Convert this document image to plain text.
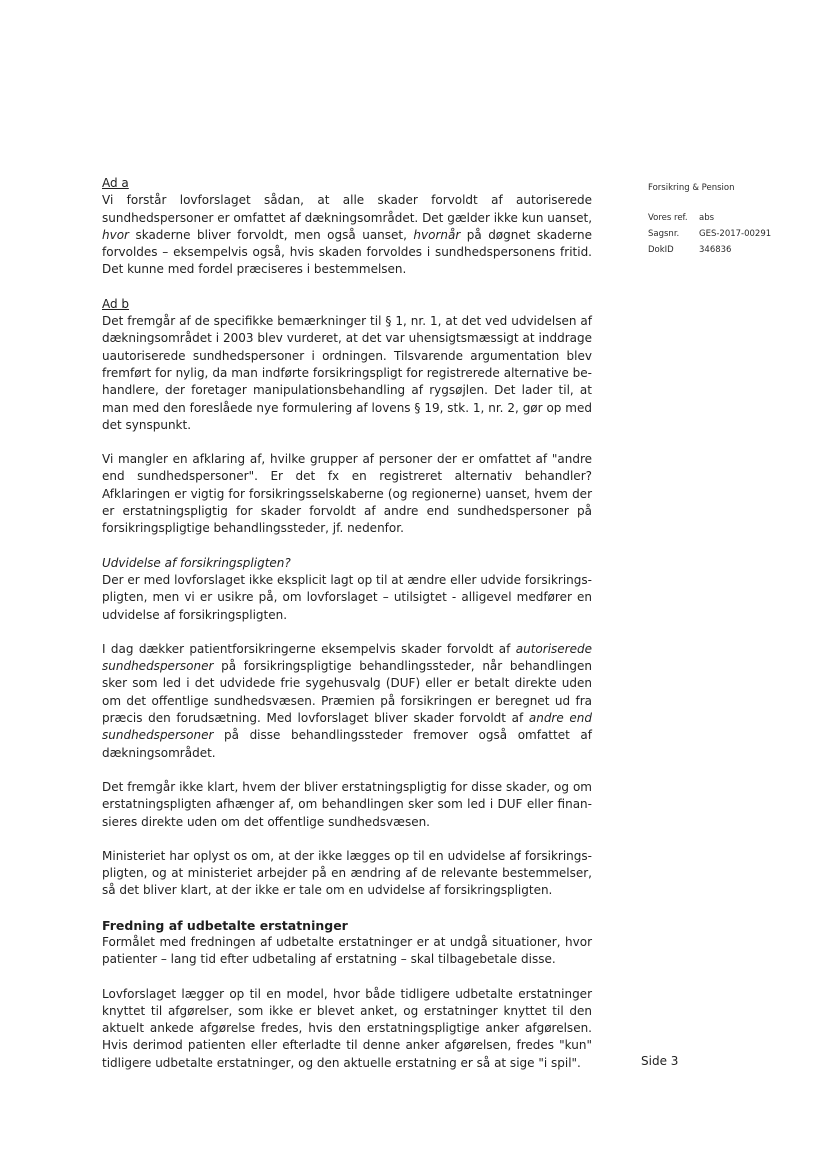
Ad a

Vi forstår lovforslaget sådan, at alle skader forvoldt af autoriserede sundhedspersoner er omfattet af dækningsområdet. Det gælder ikke kun uanset, hvor skaderne bliver forvoldt, men også uanset, hvornår på døgnet skaderne forvoldes – eksempelvis også, hvis skaden forvoldes i sundhedspersonens fritid. Det kunne med fordel præciseres i bestemmelsen.

Ad b

Det fremgår af de specifikke bemærkninger til § 1, nr. 1, at det ved udvidelsen af dækningsområdet i 2003 blev vurderet, at det var uhensigtsmæssigt at inddrage uautoriserede sundhedspersoner i ordningen. Tilsvarende argumentation blev fremført for nylig, da man indførte forsikringspligt for registrerede alternative behandlere, der foretager manipulationsbehandling af rygsøjlen. Det lader til, at man med den foreslåede nye formulering af lovens § 19, stk. 1, nr. 2, gør op med det synspunkt.

Vi mangler en afklaring af, hvilke grupper af personer der er omfattet af "andre end sundhedspersoner". Er det fx en registreret alternativ behandler? Afklaringen er vigtig for forsikringsselskaberne (og regionerne) uanset, hvem der er erstatningspligtig for skader forvoldt af andre end sundhedspersoner på forsikringspligtige behandlingssteder, jf. nedenfor.

Udvidelse af forsikringspligten?

Der er med lovforslaget ikke eksplicit lagt op til at ændre eller udvide forsikringspligten, men vi er usikre på, om lovforslaget – utilsigtet - alligevel medfører en udvidelse af forsikringspligten.

I dag dækker patientforsikringerne eksempelvis skader forvoldt af autoriserede sundhedspersoner på forsikringspligtige behandlingssteder, når behandlingen sker som led i det udvidede frie sygehusvalg (DUF) eller er betalt direkte uden om det offentlige sundhedsvæsen. Præmien på forsikringen er beregnet ud fra præcis den forudsætning. Med lovforslaget bliver skader forvoldt af andre end sundhedspersoner på disse behandlingssteder fremover også omfattet af dækningsområdet.

Det fremgår ikke klart, hvem der bliver erstatningspligtig for disse skader, og om erstatningspligten afhænger af, om behandlingen sker som led i DUF eller finansieres direkte uden om det offentlige sundhedsvæsen.

Ministeriet har oplyst os om, at der ikke lægges op til en udvidelse af forsikringspligten, og at ministeriet arbejder på en ændring af de relevante bestemmelser, så det bliver klart, at der ikke er tale om en udvidelse af forsikringspligten.

Fredning af udbetalte erstatninger

Formålet med fredningen af udbetalte erstatninger er at undgå situationer, hvor patienter – lang tid efter udbetaling af erstatning – skal tilbagebetale disse.

Lovforslaget lægger op til en model, hvor både tidligere udbetalte erstatninger knyttet til afgørelser, som ikke er blevet anket, og erstatninger knyttet til den aktuelt ankede afgørelse fredes, hvis den erstatningspligtige anker afgørelsen. Hvis derimod patienten eller efterladte til denne anker afgørelsen, fredes "kun" tidligere udbetalte erstatninger, og den aktuelle erstatning er så at sige "i spil".

Forsikring & Pension
Vores ref.	abs
Sagsnr.	GES-2017-00291
DokID	346836
Side 3
